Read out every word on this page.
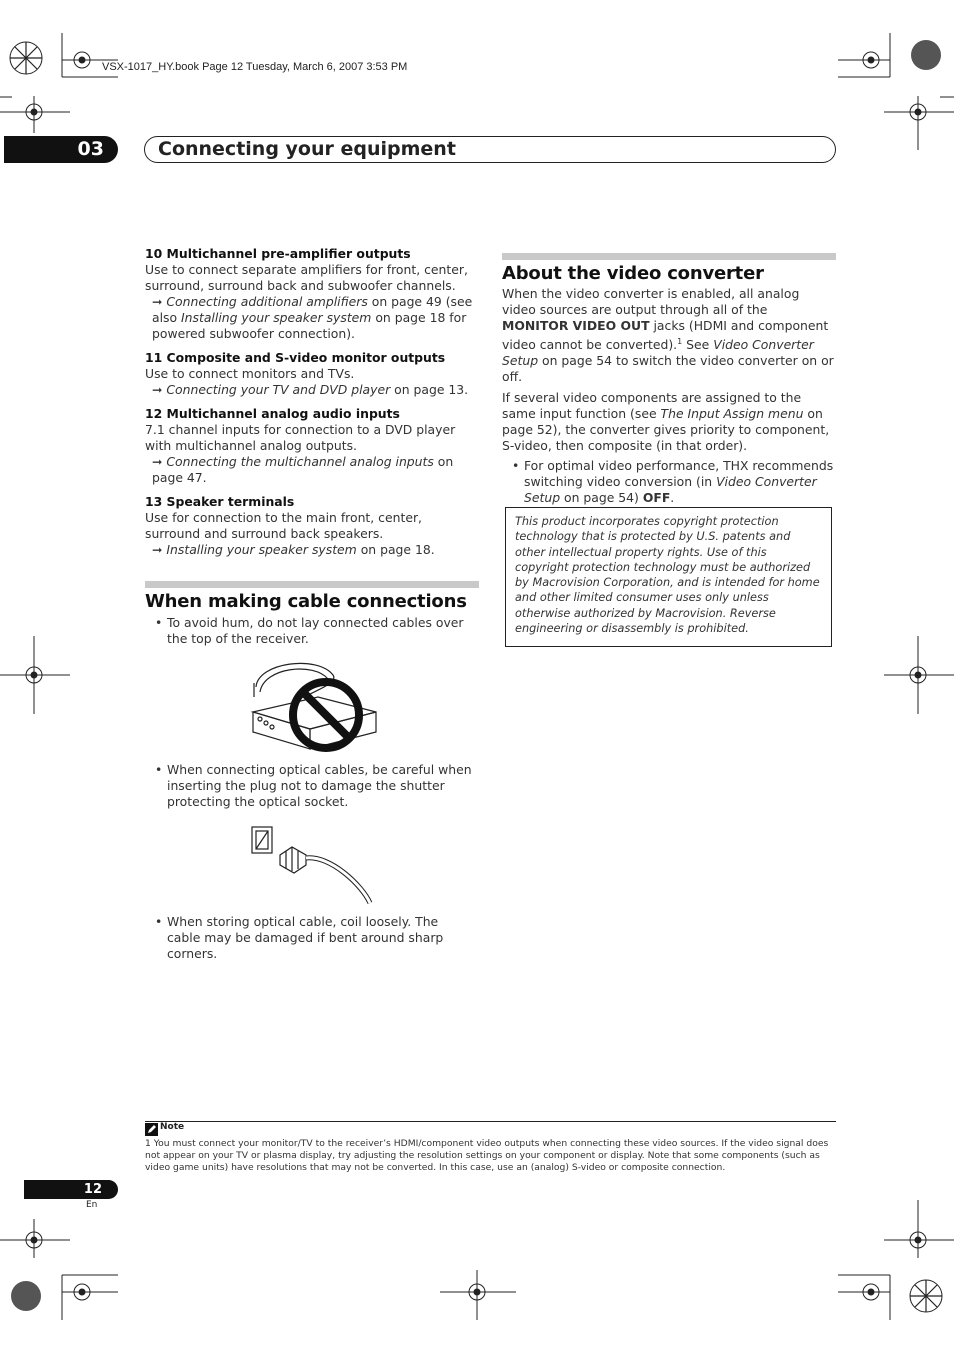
VSX-1017_HY.book Page 12 Tuesday, March 6, 2007 3:53 PM
03	Connecting your equipment

10 Multichannel pre-amplifier outputs

Use to connect separate amplifiers for front, center, surround, surround back and subwoofer channels.

➞ Connecting additional amplifiers on page 49 (see also Installing your speaker system on page 18 for powered subwoofer connection).

11 Composite and S-video monitor outputs

Use to connect monitors and TVs.

➞ Connecting your TV and DVD player on page 13.

12 Multichannel analog audio inputs

7.1 channel inputs for connection to a DVD player with multichannel analog outputs.

➞ Connecting the multichannel analog inputs on page 47.

13 Speaker terminals

Use for connection to the main front, center, surround and surround back speakers.

➞ Installing your speaker system on page 18.

When making cable connections

• To avoid hum, do not lay connected cables over the top of the receiver.

• When connecting optical cables, be careful when inserting the plug not to damage the shutter protecting the optical socket.

• When storing optical cable, coil loosely. The cable may be damaged if bent around sharp corners.

About the video converter

When the video converter is enabled, all analog video sources are output through all of the MONITOR VIDEO OUT jacks (HDMI and component video cannot be converted).$^1$ See Video Converter Setup on page 54 to switch the video converter on or off.

If several video components are assigned to the same input function (see The Input Assign menu on page 52), the converter gives priority to component, S-video, then composite (in that order).

• For optimal video performance, THX recommends switching video conversion (in Video Converter Setup on page 54) OFF.

This product incorporates copyright protection technology that is protected by U.S. patents and other intellectual property rights. Use of this copyright protection technology must be authorized by Macrovision Corporation, and is intended for home and other limited consumer uses only unless otherwise authorized by Macrovision. Reverse engineering or disassembly is prohibited.
Note
1 You must connect your monitor/TV to the receiver’s HDMI/component video outputs when connecting these video sources. If the video signal does not appear on your TV or plasma display, try adjusting the resolution settings on your component or display. Note that some components (such as video game units) have resolutions that may not be converted. In this case, use an (analog) S-video or composite connection.
12
En
